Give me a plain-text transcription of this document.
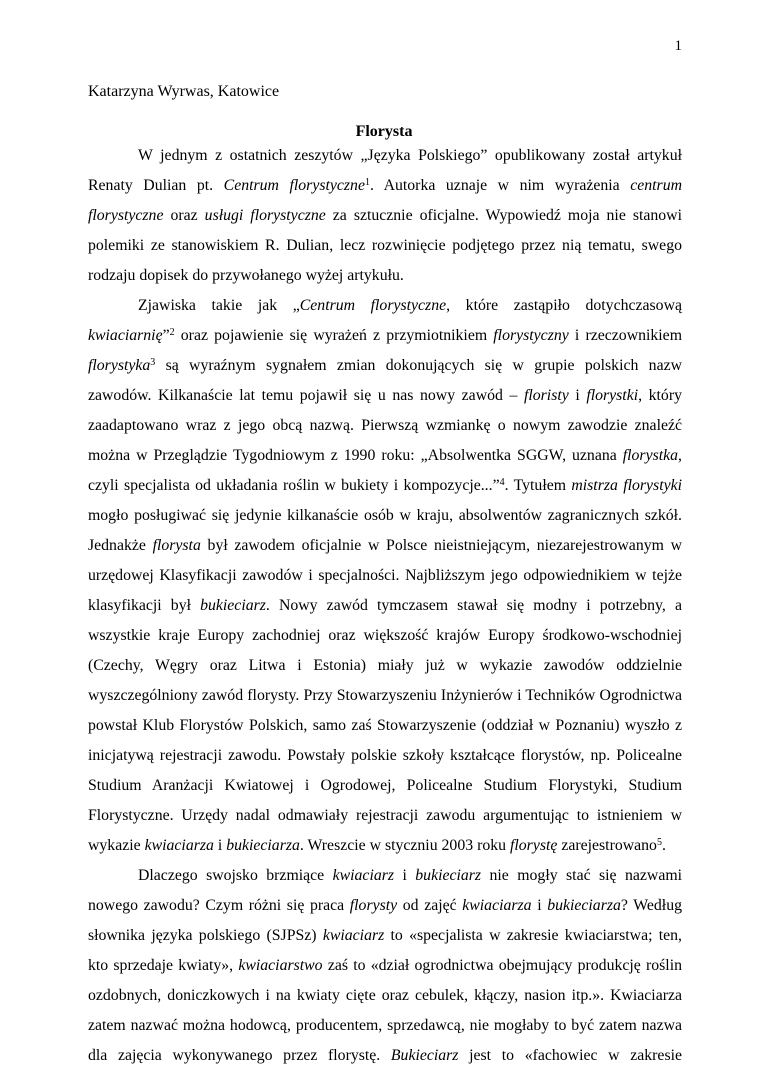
1
Katarzyna Wyrwas, Katowice
Florysta

W jednym z ostatnich zeszytów „Języka Polskiego” opublikowany został artykuł Renaty Dulian pt. Centrum florystyczne$^1$. Autorka uznaje w nim wyrażenia centrum florystyczne oraz usługi florystyczne za sztucznie oficjalne. Wypowiedź moja nie stanowi polemiki ze stanowiskiem R. Dulian, lecz rozwinięcie podjętego przez nią tematu, swego rodzaju dopisek do przywołanego wyżej artykułu.

Zjawiska takie jak „Centrum florystyczne, które zastąpiło dotychczasową kwiaciarnię”$^2$ oraz pojawienie się wyrażeń z przymiotnikiem florystyczny i rzeczownikiem florystyka$^3$ są wyraźnym sygnałem zmian dokonujących się w grupie polskich nazw zawodów. Kilkanaście lat temu pojawił się u nas nowy zawód – floristy i florystki, który zaadaptowano wraz z jego obcą nazwą. Pierwszą wzmiankę o nowym zawodzie znaleźć można w Przeglądzie Tygodniowym z 1990 roku: „Absolwentka SGGW, uznana florystka, czyli specjalista od układania roślin w bukiety i kompozycje...”$^4$. Tytułem mistrza florystyki mogło posługiwać się jedynie kilkanaście osób w kraju, absolwentów zagranicznych szkół. Jednakże florysta był zawodem oficjalnie w Polsce nieistniejącym, niezarejestrowanym w urzędowej Klasyfikacji zawodów i specjalności. Najbliższym jego odpowiednikiem w tejże klasyfikacji był bukieciarz. Nowy zawód tymczasem stawał się modny i potrzebny, a wszystkie kraje Europy zachodniej oraz większość krajów Europy środkowo-wschodniej (Czechy, Węgry oraz Litwa i Estonia) miały już w wykazie zawodów oddzielnie wyszczególniony zawód florysty. Przy Stowarzyszeniu Inżynierów i Techników Ogrodnictwa powstał Klub Florystów Polskich, samo zaś Stowarzyszenie (oddział w Poznaniu) wyszło z inicjatywą rejestracji zawodu. Powstały polskie szkoły kształcące florystów, np. Policealne Studium Aranżacji Kwiatowej i Ogrodowej, Policealne Studium Florystyki, Studium Florystyczne. Urzędy nadal odmawiały rejestracji zawodu argumentując to istnieniem w wykazie kwiaciarza i bukieciarza. Wreszcie w styczniu 2003 roku florystę zarejestrowano$^5$.

Dlaczego swojsko brzmiące kwiaciarz i bukieciarz nie mogły stać się nazwami nowego zawodu? Czym różni się praca florysty od zajęć kwiaciarza i bukieciarza? Według słownika języka polskiego (SJPSz) kwiaciarz to «specjalista w zakresie kwiaciarstwa; ten, kto sprzedaje kwiaty», kwiaciarstwo zaś to «dział ogrodnictwa obejmujący produkcję roślin ozdobnych, doniczkowych i na kwiaty cięte oraz cebulek, kłączy, nasion itp.». Kwiaciarza zatem nazwać można hodowcą, producentem, sprzedawcą, nie mogłaby to być zatem nazwa dla zajęcia wykonywanego przez florystę. Bukieciarz jest to «fachowiec w zakresie
